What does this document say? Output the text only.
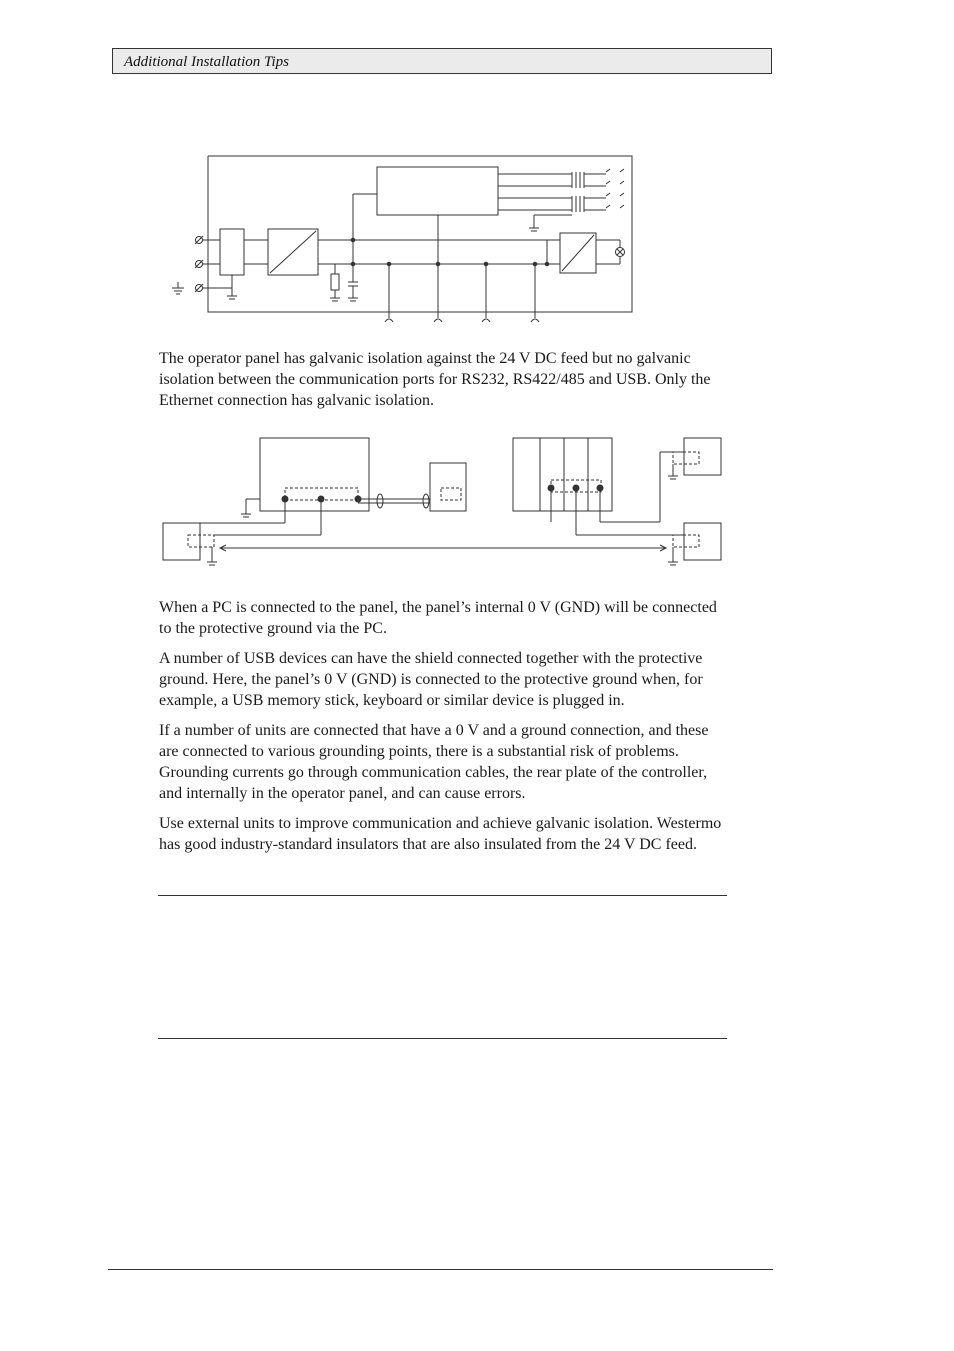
Additional Installation Tips

The operator panel has galvanic isolation against the 24 V DC feed but no galvanic isolation between the communication ports for RS232, RS422/485 and USB. Only the Ethernet connection has galvanic isolation.

When a PC is connected to the panel, the panel’s internal 0 V (GND) will be connected to the protective ground via the PC.

A number of USB devices can have the shield connected together with the protective ground. Here, the panel’s 0 V (GND) is connected to the protective ground when, for example, a USB memory stick, keyboard or similar device is plugged in.

If a number of units are connected that have a 0 V and a ground connection, and these are connected to various grounding points, there is a substantial risk of problems. Grounding currents go through communication cables, the rear plate of the controller, and internally in the operator panel, and can cause errors.

Use external units to improve communication and achieve galvanic isolation. Westermo has good industry-standard insulators that are also insulated from the 24 V DC feed.
